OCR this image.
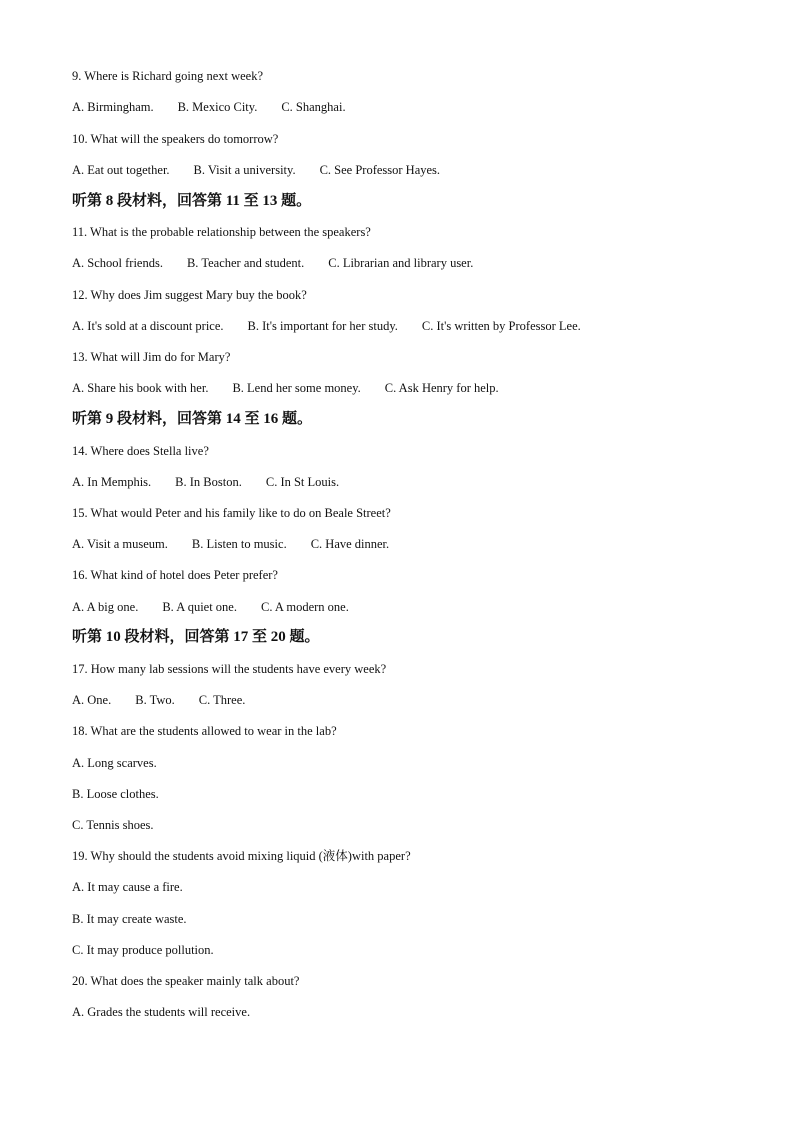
9. Where is Richard going next week?
A. Birmingham. B. Mexico City. C. Shanghai.
10. What will the speakers do tomorrow?
A. Eat out together. B. Visit a university. C. See Professor Hayes.
听第 8 段材料，回答第 11 至 13 题。
11. What is the probable relationship between the speakers?
A. School friends. B. Teacher and student. C. Librarian and library user.
12. Why does Jim suggest Mary buy the book?
A. It's sold at a discount price. B. It's important for her study. C. It's written by Professor Lee.
13. What will Jim do for Mary?
A. Share his book with her. B. Lend her some money. C. Ask Henry for help.
听第 9 段材料，回答第 14 至 16 题。
14. Where does Stella live?
A. In Memphis. B. In Boston. C. In St Louis.
15. What would Peter and his family like to do on Beale Street?
A. Visit a museum. B. Listen to music. C. Have dinner.
16. What kind of hotel does Peter prefer?
A. A big one. B. A quiet one. C. A modern one.
听第 10 段材料，回答第 17 至 20 题。
17. How many lab sessions will the students have every week?
A. One. B. Two. C. Three.
18. What are the students allowed to wear in the lab?
A. Long scarves.
B. Loose clothes.
C. Tennis shoes.
19. Why should the students avoid mixing liquid (液体)with paper?
A. It may cause a fire.
B. It may create waste.
C. It may produce pollution.
20. What does the speaker mainly talk about?
A. Grades the students will receive.
